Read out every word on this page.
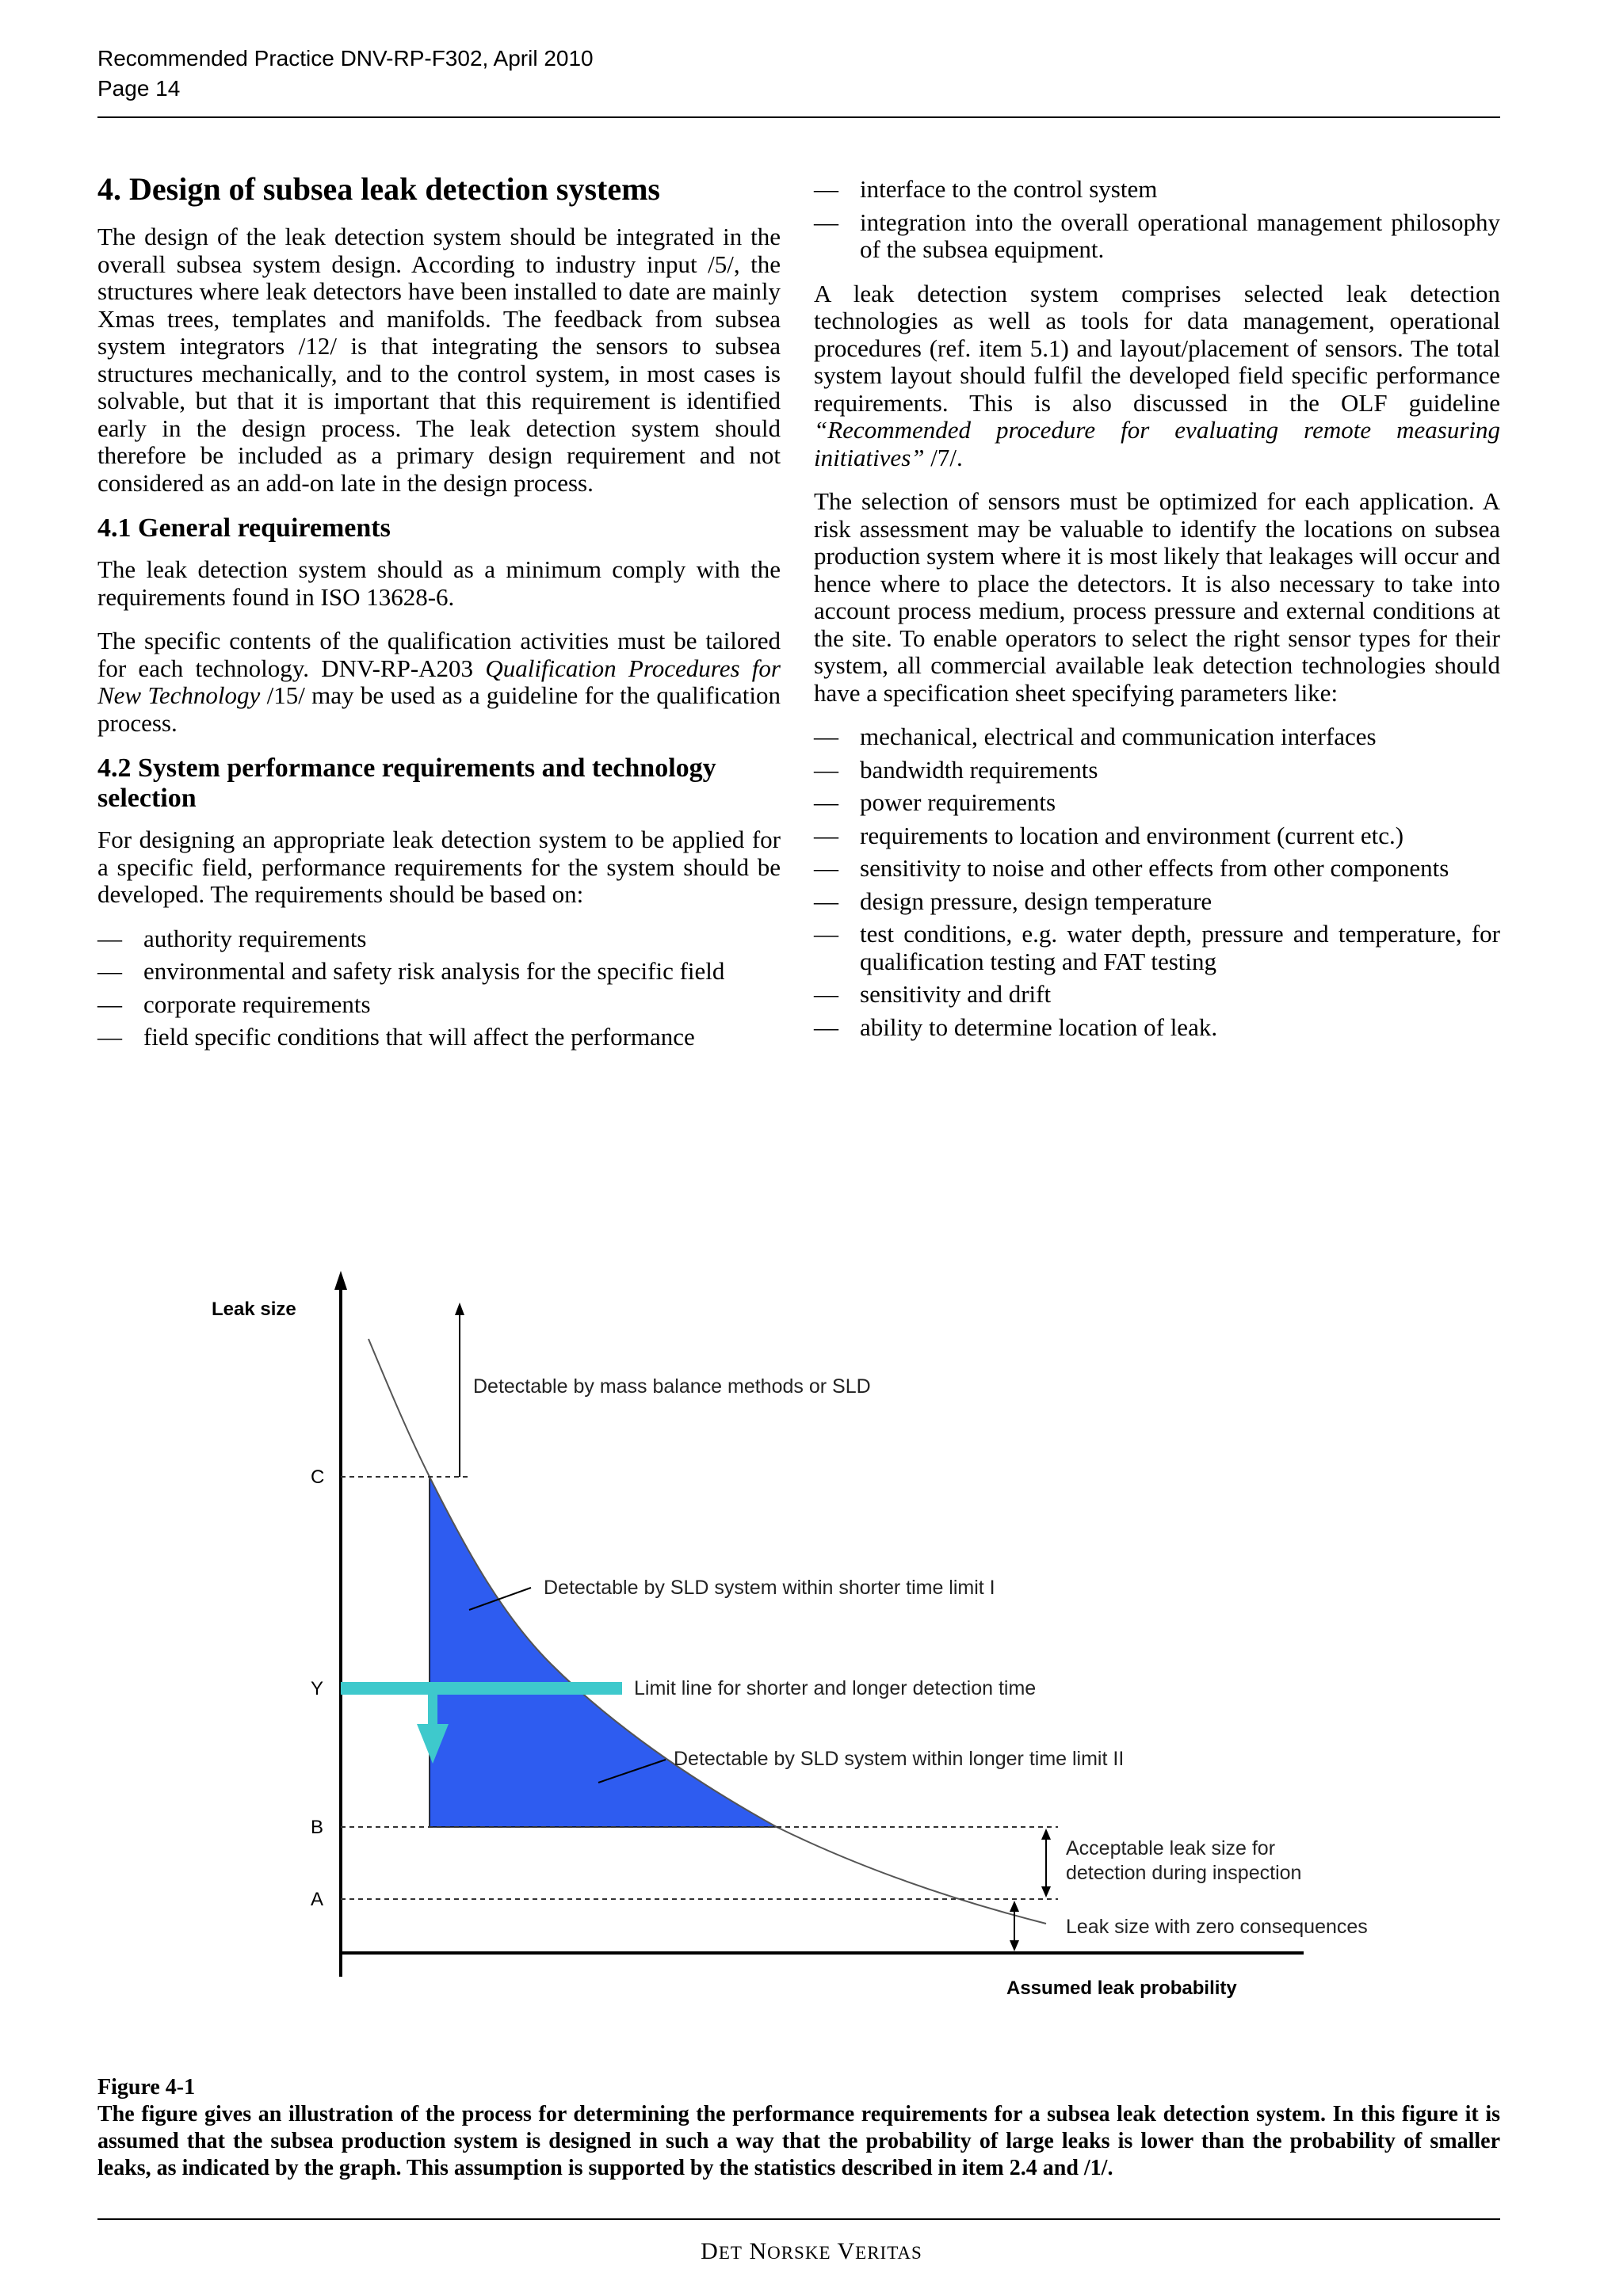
Recommended Practice DNV-RP-F302, April 2010
Page 14
4. Design of subsea leak detection systems

The design of the leak detection system should be integrated in the overall subsea system design. According to industry input /5/, the structures where leak detectors have been installed to date are mainly Xmas trees, templates and manifolds. The feedback from subsea system integrators /12/ is that integrating the sensors to subsea structures mechanically, and to the control system, in most cases is solvable, but that it is important that this requirement is identified early in the design process. The leak detection system should therefore be included as a primary design requirement and not considered as an add-on late in the design process.

4.1 General requirements

The leak detection system should as a minimum comply with the requirements found in ISO 13628-6.

The specific contents of the qualification activities must be tailored for each technology. DNV-RP-A203 Qualification Procedures for New Technology /15/ may be used as a guideline for the qualification process.

4.2 System performance requirements and technology selection

For designing an appropriate leak detection system to be applied for a specific field, performance requirements for the system should be developed. The requirements should be based on:

— authority requirements
— environmental and safety risk analysis for the specific field
— corporate requirements
— field specific conditions that will affect the performance
— interface to the control system
— integration into the overall operational management philosophy of the subsea equipment.

A leak detection system comprises selected leak detection technologies as well as tools for data management, operational procedures (ref. item 5.1) and layout/placement of sensors. The total system layout should fulfil the developed field specific performance requirements. This is also discussed in the OLF guideline “Recommended procedure for evaluating remote measuring initiatives” /7/.

The selection of sensors must be optimized for each application. A risk assessment may be valuable to identify the locations on subsea production system where it is most likely that leakages will occur and hence where to place the detectors. It is also necessary to take into account process medium, process pressure and external conditions at the site. To enable operators to select the right sensor types for their system, all commercial available leak detection technologies should have a specification sheet specifying parameters like:

— mechanical, electrical and communication interfaces
— bandwidth requirements
— power requirements
— requirements to location and environment (current etc.)
— sensitivity to noise and other effects from other components
— design pressure, design temperature
— test conditions, e.g. water depth, pressure and temperature, for qualification testing and FAT testing
— sensitivity and drift
— ability to determine location of leak.
Leak size
Assumed leak probability
C
Y
B
A
Detectable by mass balance methods or SLD
Detectable by SLD system within shorter time limit I
Limit line for shorter and longer detection time
Detectable by SLD system within longer time limit II
Acceptable leak size for
detection during inspection
Leak size with zero consequences
Figure 4-1
The figure gives an illustration of the process for determining the performance requirements for a subsea leak detection system. In this figure it is assumed that the subsea production system is designed in such a way that the probability of large leaks is lower than the probability of smaller leaks, as indicated by the graph. This assumption is supported by the statistics described in item 2.4 and /1/.
DET NORSKE VERITAS
